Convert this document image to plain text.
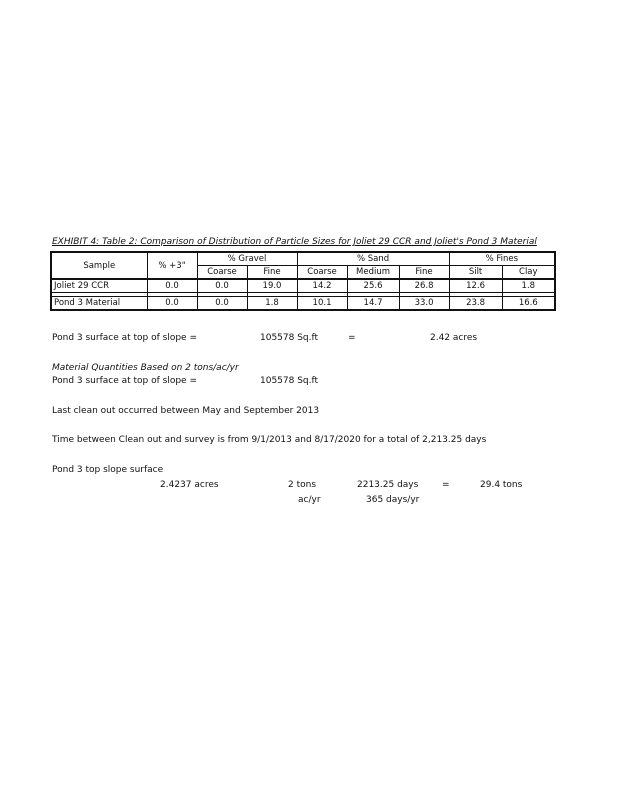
EXHIBIT 4: Table 2: Comparison of Distribution of Particle Sizes for Joliet 29 CCR and Joliet's Pond 3 Material
Sample	% +3"	% Gravel		% Sand			% Fines	
		Coarse	Fine	Coarse	Medium	Fine	Silt	Clay
Joliet 29 CCR	0.0	0.0	19.0	14.2	25.6	26.8	12.6	1.8

Pond 3 Material	0.0	0.0	1.8	10.1	14.7	33.0	23.8	16.6
Pond 3 surface at top of slope =	105578 Sq.ft	=	2.42 acres
Material Quantities Based on 2 tons/ac/yr
Pond 3 surface at top of slope =	105578 Sq.ft
Last clean out occurred between May and September 2013
Time between Clean out and survey is from 9/1/2013 and 8/17/2020 for a total of 2,213.25 days
Pond 3 top slope surface
2.4237 acres	2 tons
ac/yr
2213.25 days
365 days/yr
=	29.4 tons
